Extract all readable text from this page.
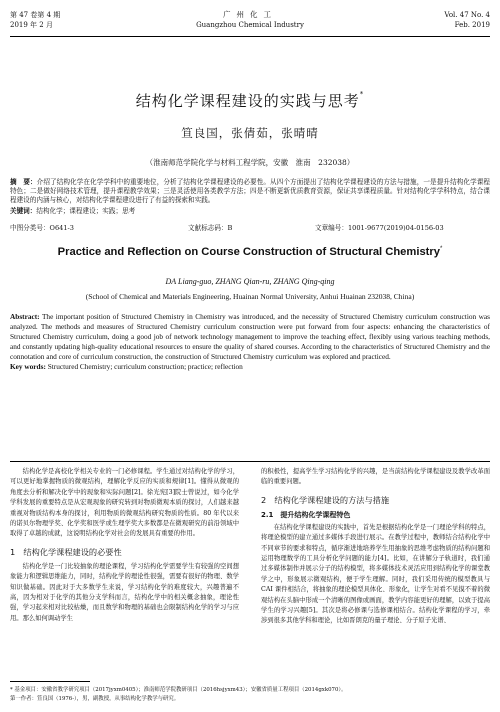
第 47 卷第 4 期
2019 年 2 月
广州化工
Guangzhou Chemical Industry
Vol. 47 No. 4
Feb. 2019
结构化学课程建设的实践与思考*
笪良国，张倩茹，张晴晴
（淮南师范学院化学与材料工程学院，安徽　淮南　232038）
摘　要：介绍了结构化学在化学学科中的重要地位，分析了结构化学课程建设的必要性。从四个方面提出了结构化学课程建设的方法与措施，一是提升结构化学课程特色；二是做好网络技术管理，提升课程教学效果；三是灵活使用各类教学方法；四是不断更新优质教育资源，保证共享课程质量。针对结构化学学科特点，结合课程建设的内涵与核心，对结构化学课程建设进行了有益的探索和实践。
关键词：结构化学；课程建设；实践；思考
中图分类号：O641-3	文献标志码：B	文章编号：1001-9677(2019)04-0156-03
Practice and Reflection on Course Construction of Structural Chemistry*
DA Liang-guo, ZHANG Qian-ru, ZHANG Qing-qing
(School of Chemical and Materials Engineering, Huainan Normal University, Anhui Huainan 232038, China)
Abstract: The important position of Structured Chemistry in Chemistry was introduced, and the necessity of Structured Chemistry curriculum construction was analyzed. The methods and measures of Structured Chemistry curriculum construction were put forward from four aspects: enhancing the characteristics of Structured Chemistry curriculum, doing a good job of network technology management to improve the teaching effect, flexibly using various teaching methods, and constantly updating high-quality educational resources to ensure the quality of shared courses. According to the characteristics of Structured Chemistry and the connotation and core of curriculum construction, the construction of Structured Chemistry curriculum was explored and practiced.
Key words: Structured Chemistry; curriculum construction; practice; reflection

结构化学是高校化学相关专业的一门必修课程。学生通过对结构化学的学习，可以更好地掌握物质的微观结构，理解化学反应的实质和规律[1]。懂得从微观的角度去分析和解决化学中的现象和实际问题[2]。徐光宪[3]院士曾说过，如今化学学科发展的重要特点是从宏观现象的研究转到对物质微观本质的探讨，人们越来越重视对物质结构本身的探讨，利用物质的微观结构研究物质的性质。80 年代以来的诺贝尔物理学奖、化学奖和医学或生理学奖大多数都是在微观研究的前沿领域中取得了卓越的成就，这说明结构化学对社会的发展具有重要的作用。

1　结构化学课程建设的必要性

结构化学是一门比较抽象的理论课程，学习结构化学需要学生有较强的空间想象能力和逻辑思维能力，同时，结构化学的理论性很强，需要有很好的物理、数学知识做基础。因此对于大多数学生来说，学习结构化学的难度较大，兴趣普遍不高，因为相对于化学的其他分支学科而言，结构化学中的相关概念抽象，理论性强，学习起来相对比较枯燥，而且数学和物理的基础也会限制结构化学的学习与应用。那么如何调动学生

的积极性，提高学生学习结构化学的兴趣，是当前结构化学课程建设及教学改革面临的重要问题。

2　结构化学课程建设的方法与措施
2.1　提升结构化学课程特色

在结构化学课程建设的实践中，首先是根据结构化学是一门理论学科的特点，将理论模型的建立通过多媒体手段进行展示。在教学过程中，教师结合结构化学中不同章节的要求和特点，循序渐进地培养学生用抽象的思维考虑物质的结构问题和运用物理数学的工具分析化学问题的能力[4]。比如，在讲解分子轨道时，我们通过多媒体制作并展示分子的结构模型，将多媒体技术灵活应用到结构化学的课堂教学之中，形象展示微观结构，便于学生理解。同时，我们采用传统的模型教具与 CAI 课件相结合，将抽象的理论模型具体化、形象化，让学生对看不见摸不着的微观结构在头脑中形成一个清晰的图像或画面，教学内容能更好的理解，以致于提高学生的学习兴趣[5]。其次是将必修课与选修课相结合。结构化学课程的学习，牵涉到很多其他学科和理论，比如晋朗克的量子理论、分子原子光谱、

* 基金项目：安徽省教学研究项目（2017jyxm0405）；淮南师范学院教研项目（2016hsjyxm43）；安徽省质量工程项目（2014gxk070）。
第一作者：笪良国（1976-），男，副教授，从事结构化学教学与研究。
